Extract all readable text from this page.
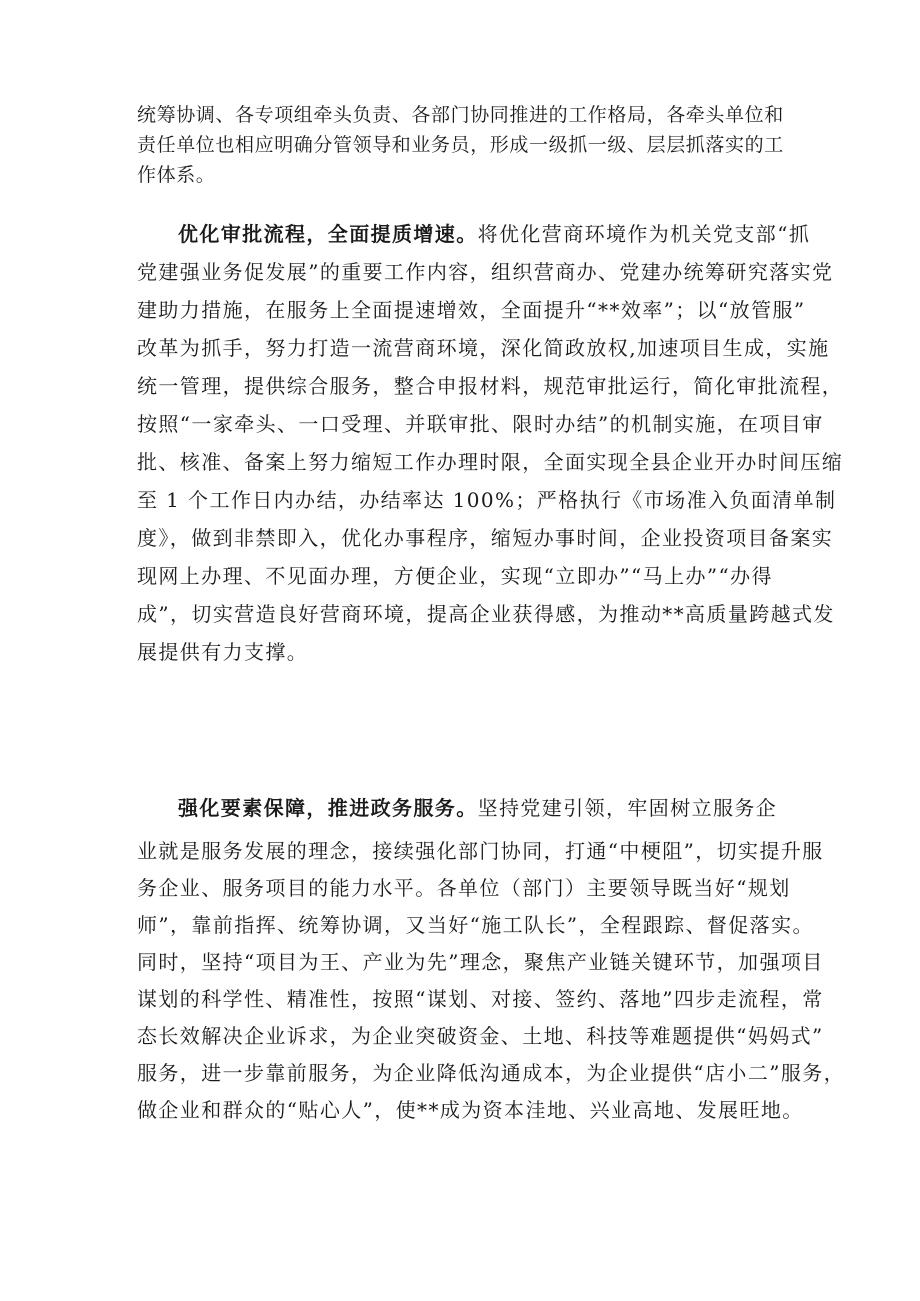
统筹协调、各专项组牵头负责、各部门协同推进的工作格局，各牵头单位和

责任单位也相应明确分管领导和业务员，形成一级抓一级、层层抓落实的工

作体系。

优化审批流程，全面提质增速。将优化营商环境作为机关党支部“抓

党建强业务促发展”的重要工作内容，组织营商办、党建办统筹研究落实党

建助力措施，在服务上全面提速增效，全面提升“**效率”；以“放管服”

改革为抓手，努力打造一流营商环境，深化简政放权,加速项目生成，实施

统一管理，提供综合服务，整合申报材料，规范审批运行，简化审批流程，

按照“一家牵头、一口受理、并联审批、限时办结”的机制实施，在项目审

批、核准、备案上努力缩短工作办理时限，全面实现全县企业开办时间压缩

至 1 个工作日内办结，办结率达 100%；严格执行《市场准入负面清单制

度》，做到非禁即入，优化办事程序，缩短办事时间，企业投资项目备案实

现网上办理、不见面办理，方便企业，实现“立即办”“马上办”“办得

成”，切实营造良好营商环境，提高企业获得感，为推动**高质量跨越式发

展提供有力支撑。

强化要素保障，推进政务服务。坚持党建引领，牢固树立服务企

业就是服务发展的理念，接续强化部门协同，打通“中梗阻”，切实提升服

务企业、服务项目的能力水平。各单位（部门）主要领导既当好“规划

师”，靠前指挥、统筹协调，又当好“施工队长”，全程跟踪、督促落实。

同时，坚持“项目为王、产业为先”理念，聚焦产业链关键环节，加强项目

谋划的科学性、精准性，按照“谋划、对接、签约、落地”四步走流程，常

态长效解决企业诉求，为企业突破资金、土地、科技等难题提供“妈妈式”

服务，进一步靠前服务，为企业降低沟通成本，为企业提供“店小二”服务，

做企业和群众的“贴心人”，使**成为资本洼地、兴业高地、发展旺地。
